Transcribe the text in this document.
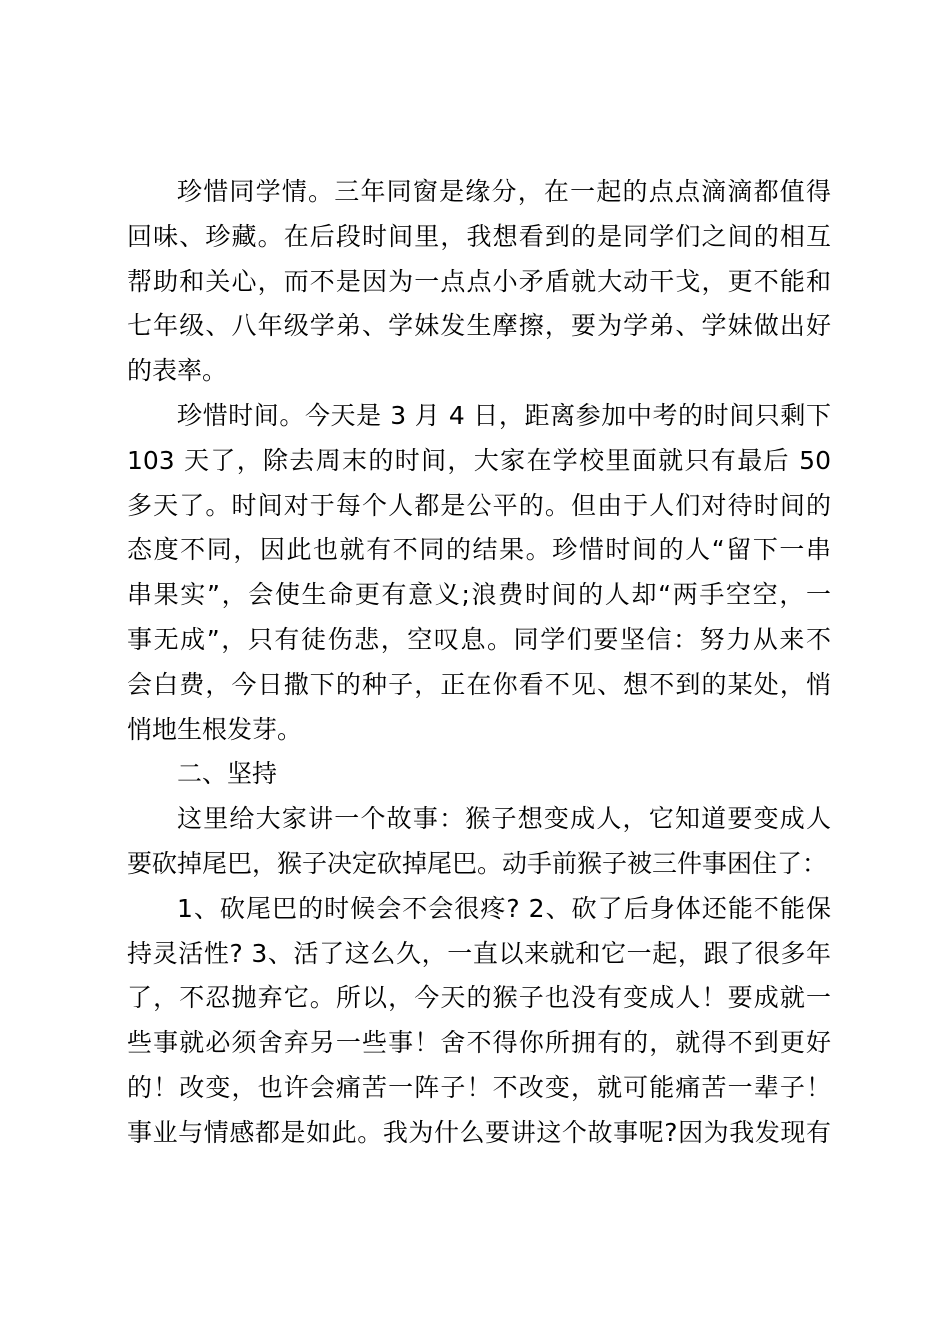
珍惜同学情。三年同窗是缘分，在一起的点点滴滴都值得
回味、珍藏。在后段时间里，我想看到的是同学们之间的相互
帮助和关心，而不是因为一点点小矛盾就大动干戈，更不能和
七年级、八年级学弟、学妹发生摩擦，要为学弟、学妹做出好
的表率。
珍惜时间。今天是 3 月 4 日，距离参加中考的时间只剩下
103 天了，除去周末的时间，大家在学校里面就只有最后 50
多天了。时间对于每个人都是公平的。但由于人们对待时间的
态度不同，因此也就有不同的结果。珍惜时间的人“留下一串
串果实”，会使生命更有意义;浪费时间的人却“两手空空，一
事无成”，只有徒伤悲，空叹息。同学们要坚信：努力从来不
会白费，今日撒下的种子，正在你看不见、想不到的某处，悄
悄地生根发芽。
二、坚持
这里给大家讲一个故事：猴子想变成人，它知道要变成人
要砍掉尾巴，猴子决定砍掉尾巴。动手前猴子被三件事困住了：
1、砍尾巴的时候会不会很疼? 2、砍了后身体还能不能保
持灵活性? 3、活了这么久，一直以来就和它一起，跟了很多年
了，不忍抛弃它。所以，今天的猴子也没有变成人！要成就一
些事就必须舍弃另一些事！舍不得你所拥有的，就得不到更好
的！改变，也许会痛苦一阵子！不改变，就可能痛苦一辈子！
事业与情感都是如此。我为什么要讲这个故事呢?因为我发现有
